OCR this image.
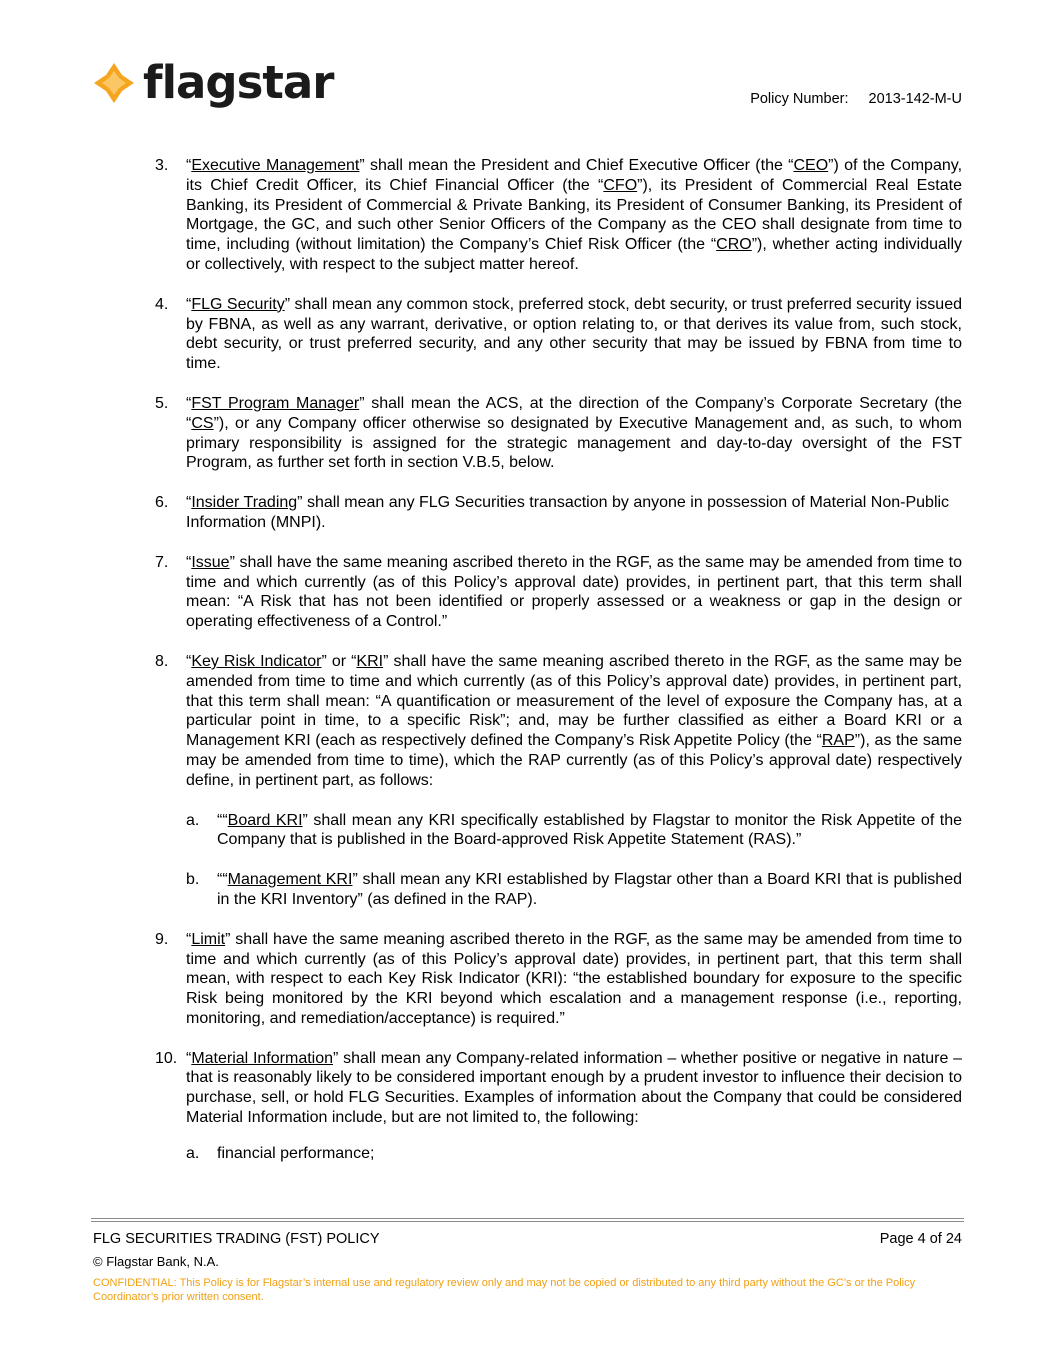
flagstar	Policy Number: 2013-142-M-U
3.	“Executive Management” shall mean the President and Chief Executive Officer (the “CEO”) of the Company, its Chief Credit Officer, its Chief Financial Officer (the “CFO”), its President of Commercial Real Estate Banking, its President of Commercial & Private Banking, its President of Consumer Banking, its President of Mortgage, the GC, and such other Senior Officers of the Company as the CEO shall designate from time to time, including (without limitation) the Company’s Chief Risk Officer (the “CRO”), whether acting individually or collectively, with respect to the subject matter hereof.
4.	“FLG Security” shall mean any common stock, preferred stock, debt security, or trust preferred security issued by FBNA, as well as any warrant, derivative, or option relating to, or that derives its value from, such stock, debt security, or trust preferred security, and any other security that may be issued by FBNA from time to time.
5.	“FST Program Manager” shall mean the ACS, at the direction of the Company’s Corporate Secretary (the “CS”), or any Company officer otherwise so designated by Executive Management and, as such, to whom primary responsibility is assigned for the strategic management and day-to-day oversight of the FST Program, as further set forth in section V.B.5, below.
6.	“Insider Trading” shall mean any FLG Securities transaction by anyone in possession of Material Non-Public Information (MNPI).
7.	“Issue” shall have the same meaning ascribed thereto in the RGF, as the same may be amended from time to time and which currently (as of this Policy’s approval date) provides, in pertinent part, that this term shall mean: “A Risk that has not been identified or properly assessed or a weakness or gap in the design or operating effectiveness of a Control.”
8.	“Key Risk Indicator” or “KRI” shall have the same meaning ascribed thereto in the RGF, as the same may be amended from time to time and which currently (as of this Policy’s approval date) provides, in pertinent part, that this term shall mean: “A quantification or measurement of the level of exposure the Company has, at a particular point in time, to a specific Risk”; and, may be further classified as either a Board KRI or a Management KRI (each as respectively defined the Company’s Risk Appetite Policy (the “RAP”), as the same may be amended from time to time), which the RAP currently (as of this Policy’s approval date) respectively define, in pertinent part, as follows:
a.	““Board KRI” shall mean any KRI specifically established by Flagstar to monitor the Risk Appetite of the Company that is published in the Board-approved Risk Appetite Statement (RAS).”
b.	““Management KRI” shall mean any KRI established by Flagstar other than a Board KRI that is published in the KRI Inventory” (as defined in the RAP).
9.	“Limit” shall have the same meaning ascribed thereto in the RGF, as the same may be amended from time to time and which currently (as of this Policy’s approval date) provides, in pertinent part, that this term shall mean, with respect to each Key Risk Indicator (KRI): “the established boundary for exposure to the specific Risk being monitored by the KRI beyond which escalation and a management response (i.e., reporting, monitoring, and remediation/acceptance) is required.”
10. “Material Information” shall mean any Company-related information – whether positive or negative in nature – that is reasonably likely to be considered important enough by a prudent investor to influence their decision to purchase, sell, or hold FLG Securities. Examples of information about the Company that could be considered Material Information include, but are not limited to, the following:
a.	financial performance;
FLG SECURITIES TRADING (FST) POLICY	Page 4 of 24
© Flagstar Bank, N.A.
CONFIDENTIAL: This Policy is for Flagstar’s internal use and regulatory review only and may not be copied or distributed to any third party without the GC’s or the Policy Coordinator’s prior written consent.
